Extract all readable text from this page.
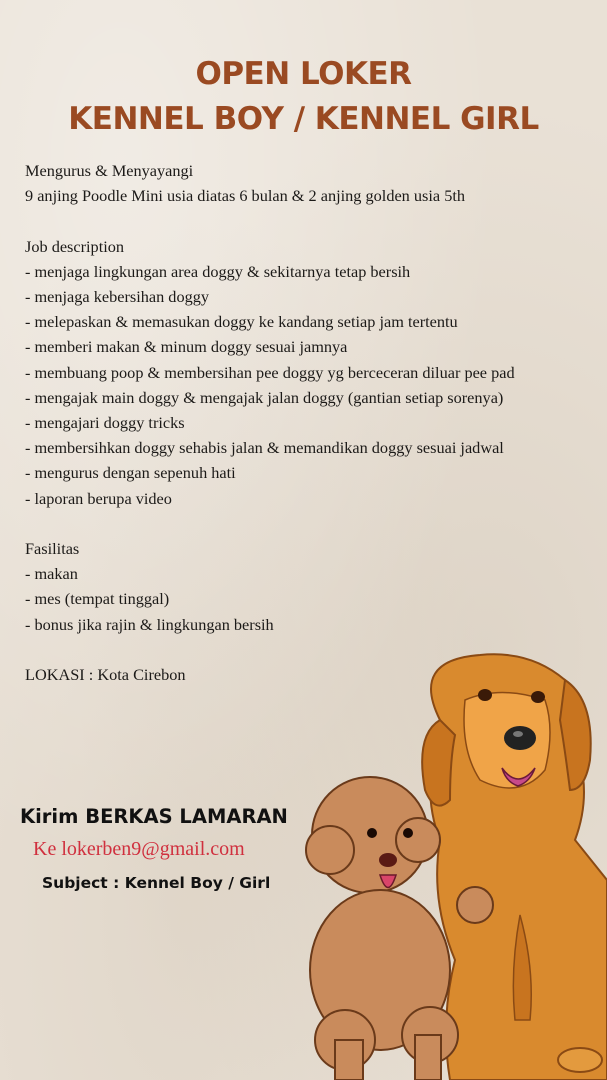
OPEN LOKER
KENNEL BOY / KENNEL GIRL
Mengurus & Menyayangi
9 anjing Poodle Mini usia diatas 6 bulan & 2 anjing golden usia 5th
Job description
- menjaga lingkungan area doggy & sekitarnya tetap bersih
- menjaga kebersihan doggy
- melepaskan & memasukan doggy ke kandang setiap jam tertentu
- memberi makan & minum doggy sesuai jamnya
- membuang poop & membersihan pee doggy yg berceceran diluar pee pad
- mengajak main doggy & mengajak jalan doggy (gantian setiap sorenya)
- mengajari doggy tricks
- membersihkan doggy sehabis jalan & memandikan doggy sesuai jadwal
- mengurus dengan sepenuh hati
- laporan berupa video
Fasilitas
- makan
- mes (tempat tinggal)
- bonus jika rajin & lingkungan bersih
LOKASI : Kota Cirebon
Kirim BERKAS LAMARAN
Ke lokerben9@gmail.com
Subject : Kennel Boy / Girl
